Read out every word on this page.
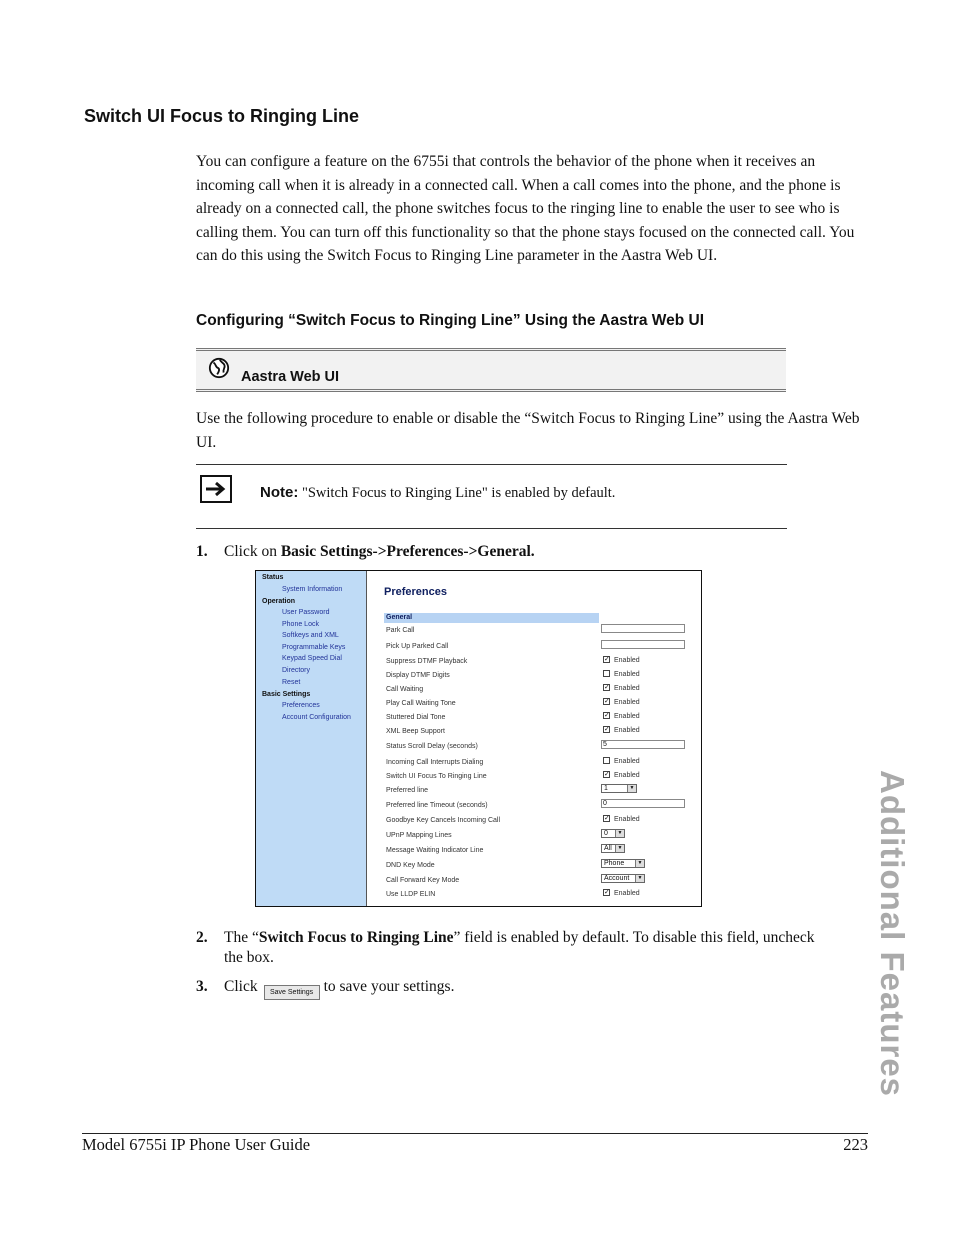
Switch UI Focus to Ringing Line

You can configure a feature on the 6755i that controls the behavior of the phone when it receives an incoming call when it is already in a connected call. When a call comes into the phone, and the phone is already on a connected call, the phone switches focus to the ringing line to enable the user to see who is calling them. You can turn off this functionality so that the phone stays focused on the connected call. You can do this using the Switch Focus to Ringing Line parameter in the Aastra Web UI.

Configuring “Switch Focus to Ringing Line” Using the Aastra Web UI
Aastra Web UI

Use the following procedure to enable or disable the “Switch Focus to Ringing Line” using the Aastra Web UI.

Note: "Switch Focus to Ringing Line" is enabled by default.
1. Click on Basic Settings->Preferences->General.
Status
System Information
Operation
User Password
Phone Lock
Softkeys and XML
Programmable Keys
Keypad Speed Dial
Directory
Reset
Basic Settings
Preferences
Account Configuration
Preferences
General
Park Call
Pick Up Parked Call
Suppress DTMF Playback	✓ Enabled
Display DTMF Digits	Enabled
Call Waiting	✓ Enabled
Play Call Waiting Tone	✓ Enabled
Stuttered Dial Tone	✓ Enabled
XML Beep Support	✓ Enabled
Status Scroll Delay (seconds)	5
Incoming Call Interrupts Dialing	Enabled
Switch UI Focus To Ringing Line	✓ Enabled
Preferred line	1	▼
Preferred line Timeout (seconds)	0
Goodbye Key Cancels Incoming Call	✓ Enabled
UPnP Mapping Lines	0	▼
Message Waiting Indicator Line	All	▼
DND Key Mode	Phone	▼
Call Forward Key Mode	Account	▼
Use LLDP ELIN	✓ Enabled
2. The “Switch Focus to Ringing Line” field is enabled by default. To disable this field, uncheck the box.
3. Click Save Settings to save your settings.	Additional Features
Model 6755i IP Phone User Guide	223
